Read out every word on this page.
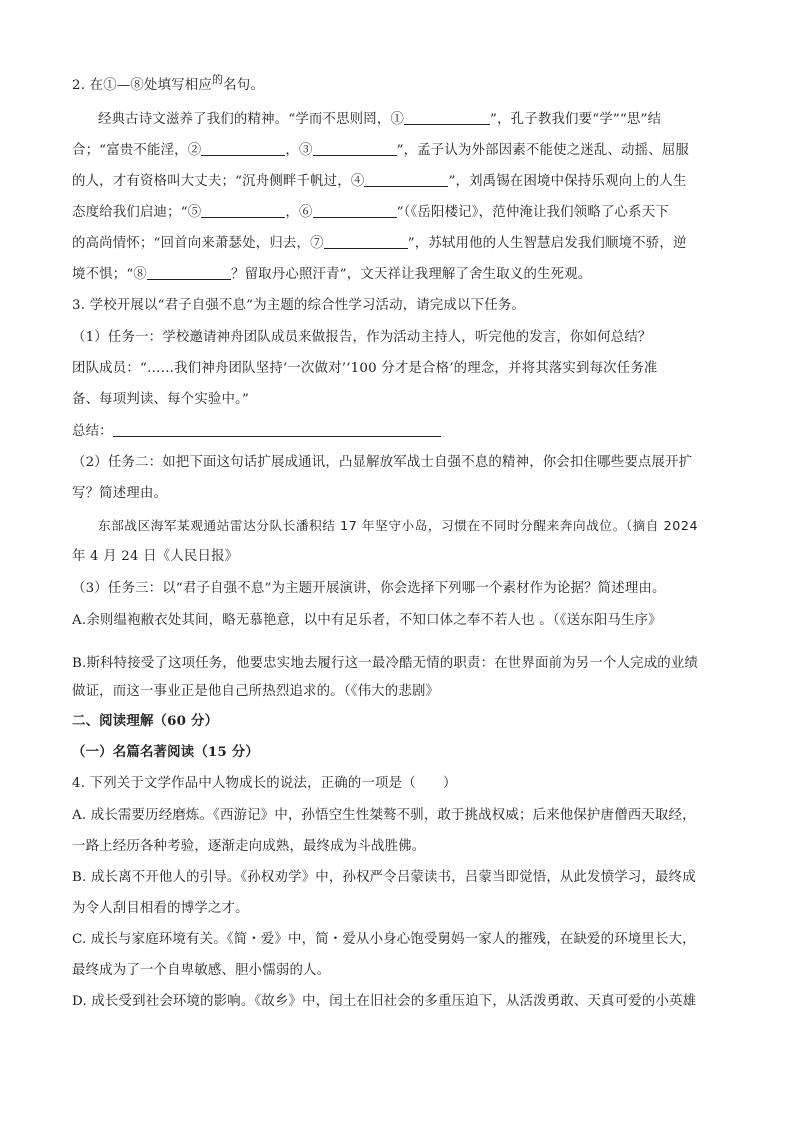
2. 在①—⑧处填写相应$^的$名句。
经典古诗文滋养了我们的精神。“学而不思则罔，①	”，孔子教我们要“学”“思”结
合；“富贵不能淫，②	，③	”，孟子认为外部因素不能使之迷乱、动摇、屈服
的人，才有资格叫大丈夫；“沉舟侧畔千帆过，④	”，刘禹锡在困境中保持乐观向上的人生
态度给我们启迪；“⑤	，⑥	”（《岳阳楼记》，范仲淹让我们领略了心系天下
的高尚情怀；“回首向来萧瑟处，归去，⑦	”，苏轼用他的人生智慧启发我们顺境不骄，逆
境不惧；“⑧	？留取丹心照汗青”，文天祥让我理解了舍生取义的生死观。
3. 学校开展以“君子自强不息”为主题的综合性学习活动，请完成以下任务。
（1）任务一：学校邀请神舟团队成员来做报告，作为活动主持人，听完他的发言，你如何总结？
团队成员：“……我们神舟团队坚持‘一次做对’‘100 分才是合格’的理念，并将其落实到每次任务准
备、每项判读、每个实验中。”
总结：
（2）任务二：如把下面这句话扩展成通讯，凸显解放军战士自强不息的精神，你会扣住哪些要点展开扩
写？简述理由。
东部战区海军某观通站雷达分队长潘积结 17 年坚守小岛，习惯在不同时分醒来奔向战位。（摘自 2024
年 4 月 24 日《人民日报》
（3）任务三：以“君子自强不息”为主题开展演讲，你会选择下列哪一个素材作为论据？简述理由。
A.余则缊袍敝衣处其间，略无慕艳意，以中有足乐者，不知口体之奉不若人也 。（《送东阳马生序》
B.斯科特接受了这项任务，他要忠实地去履行这一最冷酷无情的职责：在世界面前为另一个人完成的业绩
做证，而这一事业正是他自己所热烈追求的。（《伟大的悲剧》
二、阅读理解（60 分）
（一）名篇名著阅读（15 分）
4. 下列关于文学作品中人物成长的说法，正确的一项是（　　）
A. 成长需要历经磨炼。《西游记》中，孙悟空生性桀骜不驯，敢于挑战权威；后来他保护唐僧西天取经，
一路上经历各种考验，逐渐走向成熟，最终成为斗战胜佛。
B. 成长离不开他人的引导。《孙权劝学》中，孙权严令吕蒙读书，吕蒙当即觉悟，从此发愤学习，最终成
为令人刮目相看的博学之才。
C. 成长与家庭环境有关。《简・爱》中，简・爱从小身心饱受舅妈一家人的摧残，在缺爱的环境里长大，
最终成为了一个自卑敏感、胆小懦弱的人。
D. 成长受到社会环境的影响。《故乡》中，闰土在旧社会的多重压迫下，从活泼勇敢、天真可爱的小英雄
